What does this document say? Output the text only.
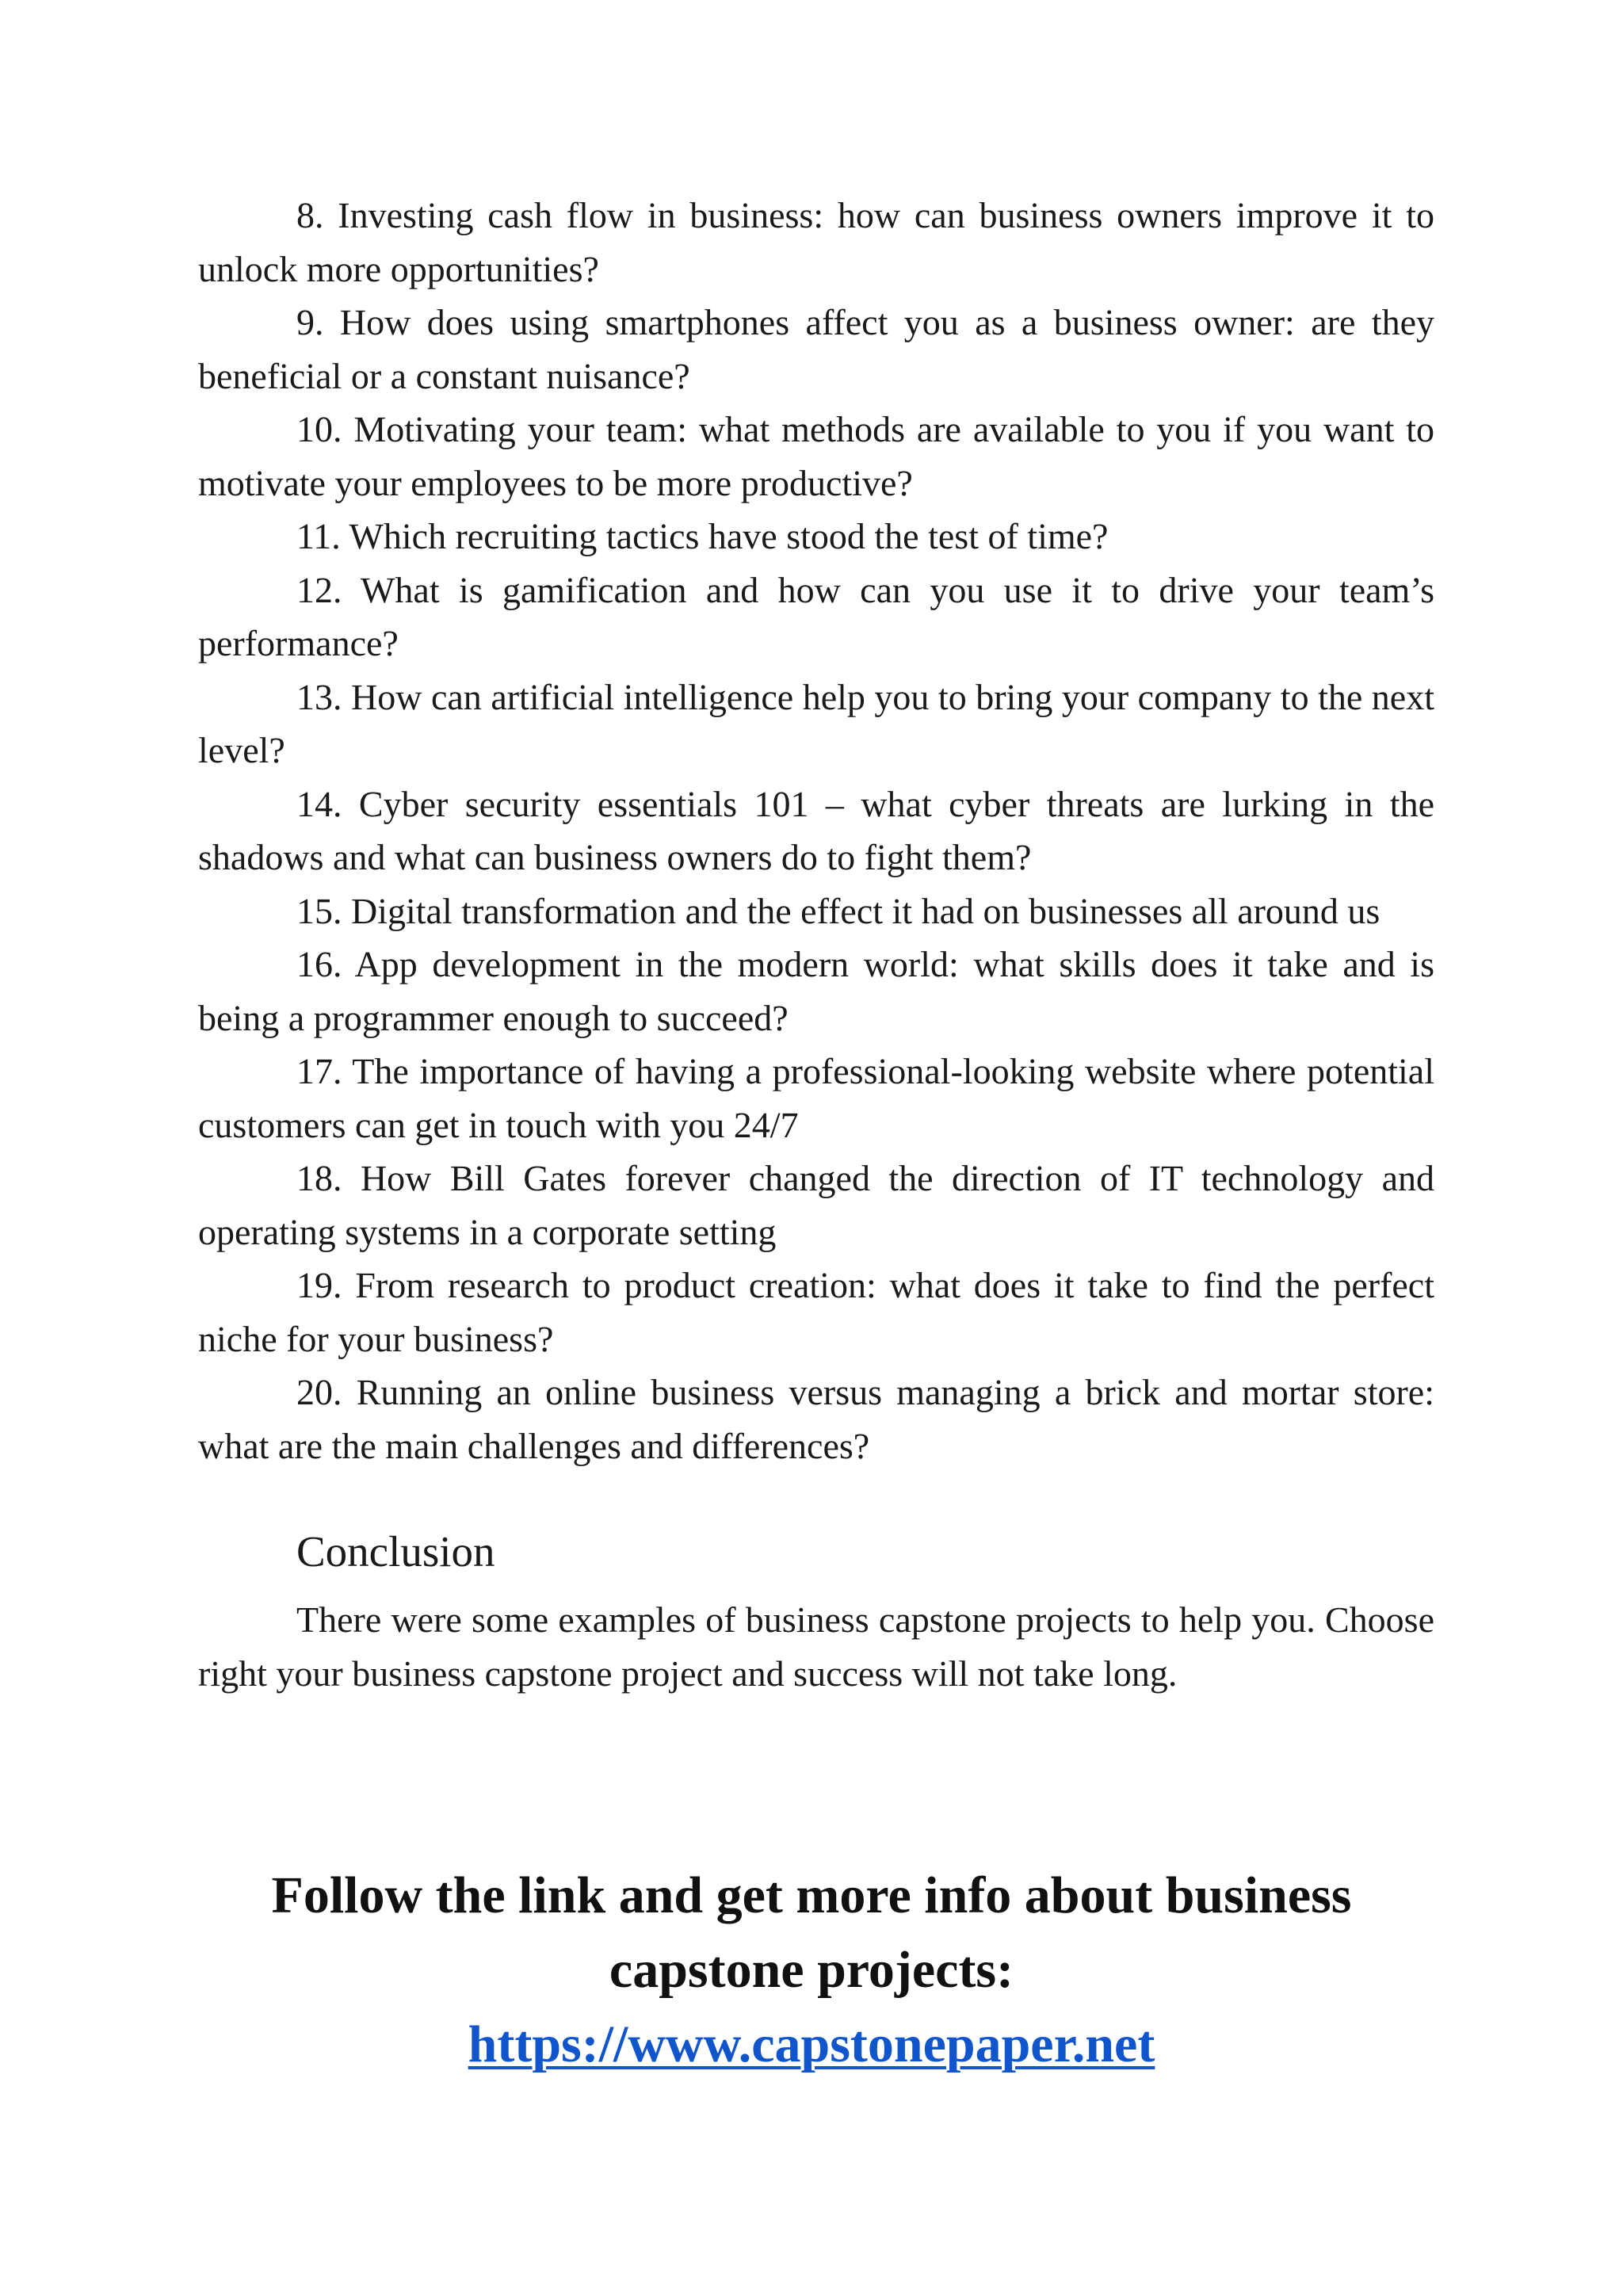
8. Investing cash flow in business: how can business owners improve it to unlock more opportunities?

9. How does using smartphones affect you as a business owner: are they beneficial or a constant nuisance?

10. Motivating your team: what methods are available to you if you want to motivate your employees to be more productive?

11. Which recruiting tactics have stood the test of time?

12. What is gamification and how can you use it to drive your team’s performance?

13. How can artificial intelligence help you to bring your company to the next level?

14. Cyber security essentials 101 – what cyber threats are lurking in the shadows and what can business owners do to fight them?

15. Digital transformation and the effect it had on businesses all around us

16. App development in the modern world: what skills does it take and is being a programmer enough to succeed?

17. The importance of having a professional-looking website where potential customers can get in touch with you 24/7

18. How Bill Gates forever changed the direction of IT technology and operating systems in a corporate setting

19. From research to product creation: what does it take to find the perfect niche for your business?

20. Running an online business versus managing a brick and mortar store: what are the main challenges and differences?

Conclusion

There were some examples of business capstone projects to help you. Choose right your business capstone project and success will not take long.

Follow the link and get more info about business capstone projects:

https://www.capstonepaper.net
